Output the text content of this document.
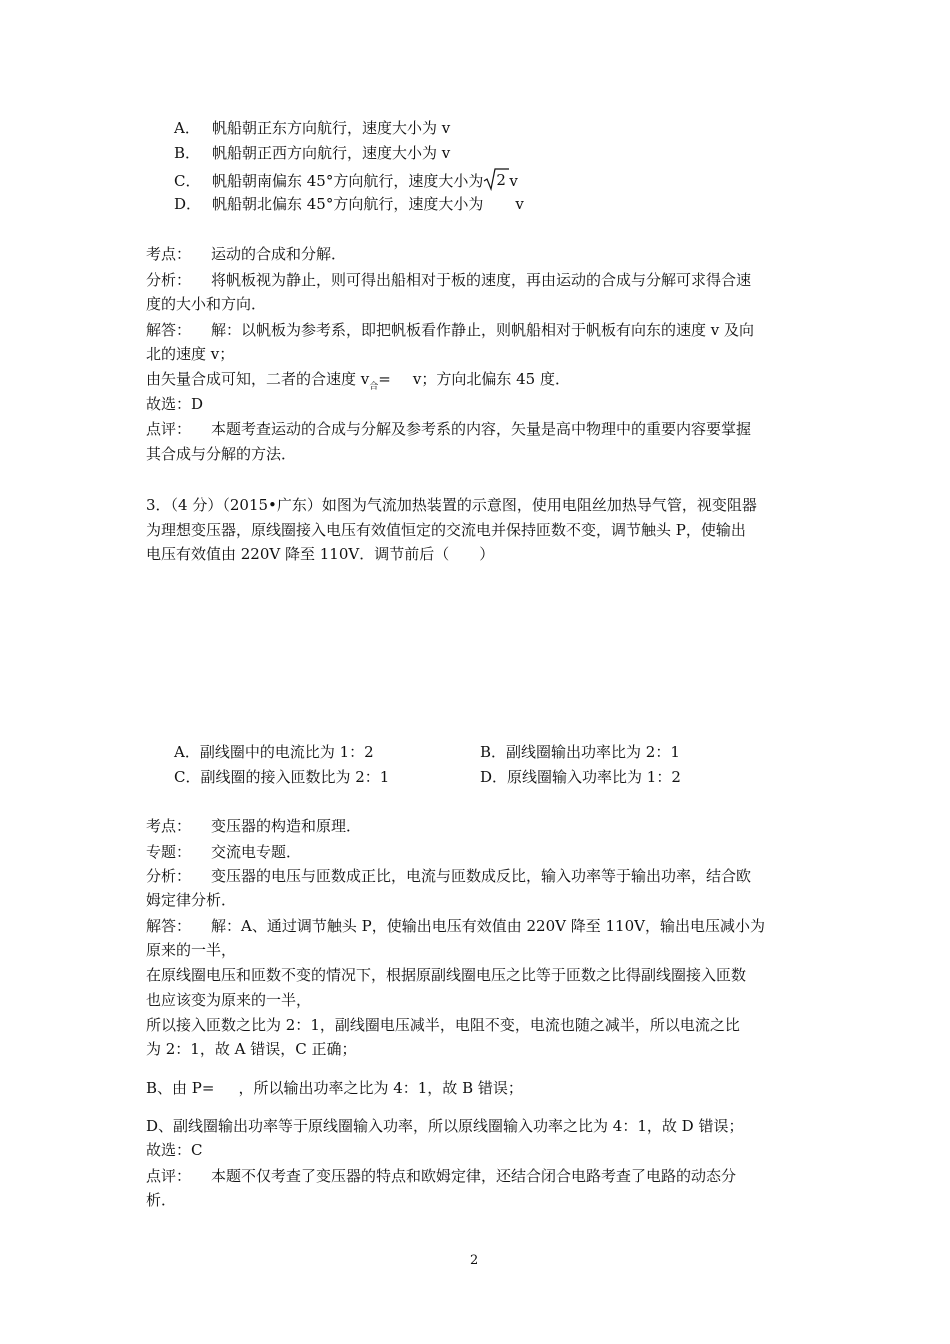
A． 帆船朝正东方向航行，速度大小为 v
B． 帆船朝正西方向航行，速度大小为 v
C． 帆船朝南偏东 45°方向航行，速度大小为 2 v
D． 帆船朝北偏东 45°方向航行，速度大小为 v
考点： 运动的合成和分解．
分析： 将帆板视为静止，则可得出船相对于板的速度，再由运动的合成与分解可求得合速
度的大小和方向．
解答： 解：以帆板为参考系，即把帆板看作静止，则帆船相对于帆板有向东的速度 v 及向
北的速度 v；
由矢量合成可知，二者的合速度 $v_合= v$；方向北偏东 45 度．
故选：D
点评： 本题考查运动的合成与分解及参考系的内容，矢量是高中物理中的重要内容要掌握
其合成与分解的方法．
3．（4 分）（2015•广东）如图为气流加热装置的示意图，使用电阻丝加热导气管，视变阻器
为理想变压器，原线圈接入电压有效值恒定的交流电并保持匝数不变，调节触头 P，使输出
电压有效值由 220V 降至 110V．调节前后（　　）
A．副线圈中的电流比为 1：2	B．副线圈输出功率比为 2：1
C．副线圈的接入匝数比为 2：1	D．原线圈输入功率比为 1：2
考点： 变压器的构造和原理．
专题： 交流电专题．
分析： 变压器的电压与匝数成正比，电流与匝数成反比，输入功率等于输出功率，结合欧
姆定律分析．
解答： 解：A、通过调节触头 P，使输出电压有效值由 220V 降至 110V，输出电压减小为
原来的一半，
在原线圈电压和匝数不变的情况下，根据原副线圈电压之比等于匝数之比得副线圈接入匝数
也应该变为原来的一半，
所以接入匝数之比为 2：1，副线圈电压减半，电阻不变，电流也随之减半，所以电流之比
为 2：1，故 A 错误，C 正确；
B、由 P= ，所以输出功率之比为 4：1，故 B 错误；
D、副线圈输出功率等于原线圈输入功率，所以原线圈输入功率之比为 4：1，故 D 错误；
故选：C
点评： 本题不仅考查了变压器的特点和欧姆定律，还结合闭合电路考查了电路的动态分
析．
2
